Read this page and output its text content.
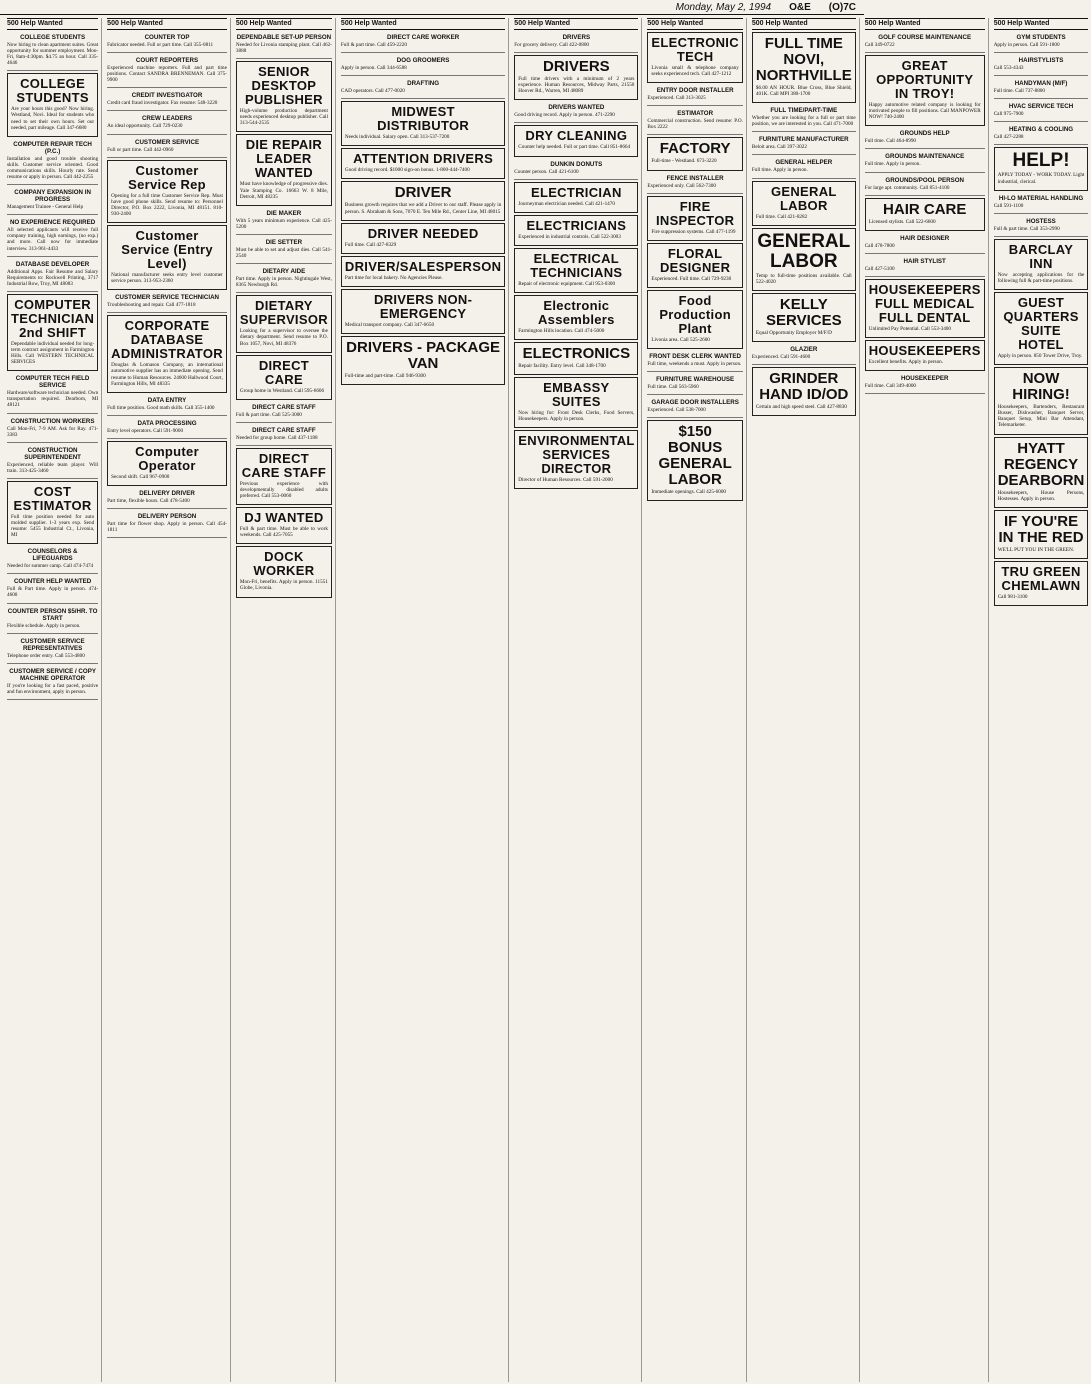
Monday, May 2, 1994 O&E (O)7C
500 Help Wanted
COLLEGE STUDENTS

Now hiring to clean apartment suites. Great opportunity for summer employment. Mon-Fri, 8am-4:30pm. $4.75 an hour. Call 335-4646

COLLEGE STUDENTS

Are your hours this good? Now hiring. Westland, Novi. Ideal for students who need to set their own hours. Set our needed, part mileage. Call 347-6680

COMPUTER REPAIR TECH (P.C.)

Installation and good trouble shooting skills. Customer service oriented. Good communications skills. Hourly rate. Send resume or apply in person. Call 442-2255

COMPANY EXPANSION IN PROGRESS

Management Trainee - General Help

NO EXPERIENCE REQUIRED

All selected applicants will receive full company training, high earnings, (no exp.) and more. Call now for immediate interview. 313-961-4433

DATABASE DEVELOPER

Additional Apps. Fair Resume and Salary Requirements to: Rockwell Printing, 3717 Industrial Row, Troy, MI 48083

COMPUTER TECHNICIAN 2nd SHIFT

Dependable individual needed for long-term contract assignment in Farmington Hills. Call WESTERN TECHNICAL SERVICES

COMPUTER TECH FIELD SERVICE

Hardware/software technician needed. Own transportation required. Dearborn, MI 48121

CONSTRUCTION WORKERS

Call Mon-Fri, 7-9 AM. Ask for Ray. 471-3383

CONSTRUCTION SUPERINTENDENT

Experienced, reliable team player. Will train. 313-425-3460

COST ESTIMATOR

Full time position needed for auto molded supplier. 1-3 years exp. Send resume: 5455 Industrial Ct., Livonia, MI

COUNSELORS & LIFEGUARDS

Needed for summer camp. Call 474-7474

COUNTER HELP WANTED

Full & Part time. Apply in person. 474-4600

COUNTER PERSON $5/HR. TO START

Flexible schedule. Apply in person.

CUSTOMER SERVICE REPRESENTATIVES

Telephone order entry. Call 553-4800

CUSTOMER SERVICE / COPY MACHINE OPERATOR

If you're looking for a fast paced, positive and fun environment, apply in person.

500 Help Wanted
COUNTER TOP

Fabricator needed. Full or part time. Call 355-0811

COURT REPORTERS

Experienced machine reporters. Full and part time positions. Contact SANDRA BRENNEMAN. Call 375-9900

CREDIT INVESTIGATOR

Credit card fraud investigator. Fax resume: 548-3220

CREW LEADERS

An ideal opportunity. Call 729-0230

CUSTOMER SERVICE

Full or part time. Call 442-0960

Customer Service Rep

Opening for a full time Customer Service Rep. Must have good phone skills. Send resume to: Personnel Director, P.O. Box 2222, Livonia, MI 48151. 810-930-2400

Customer Service (Entry Level)

National manufacturer seeks entry level customer service person. 313-953-2360

CUSTOMER SERVICE TECHNICIAN

Troubleshooting and repair. Call 477-1818

CORPORATE DATABASE ADMINISTRATOR

Douglas & Lomason Company, an international automotive supplier has an immediate opening. Send resume to Human Resources. 24600 Hallwood Court, Farmington Hills, MI 48335

DATA ENTRY

Full time position. Good math skills. Call 355-1400

DATA PROCESSING

Entry level operators. Call 591-9000

Computer Operator

Second shift. Call 967-0900

DELIVERY DRIVER

Part time, flexible hours. Call 478-5400

DELIVERY PERSON

Part time for flower shop. Apply in person. Call 454-1811

500 Help Wanted
DEPENDABLE SET-UP PERSON

Needed for Livonia stamping plant. Call 462-3888

SENIOR DESKTOP PUBLISHER

High-volume production department needs experienced desktop publisher. Call 313-544-2535

DIE REPAIR LEADER WANTED

Must have knowledge of progressive dies. Yale Stamping Co. 16663 W. 8 Mile, Detroit, MI 48235

DIE MAKER

With 5 years minimum experience. Call 425-5200

DIE SETTER

Must be able to set and adjust dies. Call 541-2540

DIETARY AIDE

Part time. Apply in person. Nightingale West, 8365 Newburgh Rd.

DIETARY SUPERVISOR

Looking for a supervisor to oversee the dietary department. Send resume to P.O. Box 1057, Novi, MI 48376

DIRECT CARE

Group home in Westland. Call 595-6606

DIRECT CARE STAFF

Full & part time. Call 525-3000

DIRECT CARE STAFF

Needed for group home. Call 437-1188

DIRECT CARE STAFF

Previous experience with developmentally disabled adults preferred. Call 553-0060

DJ WANTED

Full & part time. Must be able to work weekends. Call 425-7055

DOCK WORKER

Mon-Fri, benefits. Apply in person. 11551 Globe, Livonia.

500 Help Wanted
DIRECT CARE WORKER

Full & part time. Call 459-2220

DOG GROOMERS

Apply in person. Call 344-6588

DRAFTING

CAD operators. Call 477-0020

MIDWEST DISTRIBUTOR

Needs individual. Salary open. Call 313-537-7200

ATTENTION DRIVERS

Good driving record. $1000 sign-on bonus. 1-800-444-7400

DRIVER

Business growth requires that we add a Driver to our staff. Please apply in person. S. Abraham & Sons, 7070 E. Ten Mile Rd., Center Line, MI 48015

DRIVER NEEDED

Full time. Call 427-8329

DRIVER/SALESPERSON

Part time for local bakery. No Agencies Please.

DRIVERS NON-EMERGENCY

Medical transport company. Call 347-6650

DRIVERS - PACKAGE VAN

Full-time and part-time. Call 946-9300

500 Help Wanted
DRIVERS

For grocery delivery. Call 422-0800

DRIVERS

Full time drivers with a minimum of 2 years experience. Human Resources, Midway Parts, 21550 Hoover Rd., Warren, MI 48089

DRIVERS WANTED

Good driving record. Apply in person. 471-2290

DRY CLEANING

Counter help needed. Full or part time. Call 851-8664

DUNKIN DONUTS

Counter person. Call 421-6100

ELECTRICIAN

Journeyman electrician needed. Call 421-1470

ELECTRICIANS

Experienced in industrial controls. Call 522-3003

ELECTRICAL TECHNICIANS

Repair of electronic equipment. Call 953-0300

Electronic Assemblers

Farmington Hills location. Call 474-5000

ELECTRONICS

Repair facility. Entry level. Call 348-1700

EMBASSY SUITES

Now hiring for: Front Desk Clerks, Food Servers, Housekeepers. Apply in person.

ENVIRONMENTAL SERVICES DIRECTOR

Director of Human Resources. Call 591-2000

500 Help Wanted
ELECTRONIC TECH

Livonia small & telephone company seeks experienced tech. Call 427-1212

ENTRY DOOR INSTALLER

Experienced. Call 313-3025

ESTIMATOR

Commercial construction. Send resume: P.O. Box 2222

FACTORY

Full-time - Westland. 673-3220

FENCE INSTALLER

Experienced only. Call 562-7300

FIRE INSPECTOR

Fire suppression systems. Call 477-1199

FLORAL DESIGNER

Experienced. Full time. Call 729-9230

Food Production Plant

Livonia area. Call 525-2600

FRONT DESK CLERK WANTED

Full time, weekends a must. Apply in person.

FURNITURE WAREHOUSE

Full time. Call 563-5960

GARAGE DOOR INSTALLERS

Experienced. Call 538-7000

$150 BONUS GENERAL LABOR

Immediate openings. Call 425-6000

500 Help Wanted
FULL TIME NOVI, NORTHVILLE

$6.00 AN HOUR. Blue Cross, Blue Shield, 401K. Call MPI 380-1700

FULL TIME/PART-TIME

Whether you are looking for a full or part time position, we are interested in you. Call 471-7000

FURNITURE MANUFACTURER

Beloit area. Call 397-3022

GENERAL HELPER

Full time. Apply in person.

GENERAL LABOR

Full time. Call 421-8282

GENERAL LABOR

Temp to full-time positions available. Call 522-4020

KELLY SERVICES

Equal Opportunity Employer M/F/D

GLAZIER

Experienced. Call 591-4600

GRINDER HAND ID/OD

Certain and high speed steel. Call 427-8830

500 Help Wanted
GOLF COURSE MAINTENANCE

Call 349-0722

GREAT OPPORTUNITY IN TROY!

Happy automotive related company is looking for motivated people to fill positions. Call MANPOWER NOW! 740-2400

GROUNDS HELP

Full time. Call 464-8990

GROUNDS MAINTENANCE

Full time. Apply in person.

GROUNDS/POOL PERSON

For large apt. community. Call 851-4100

HAIR CARE

Licensed stylists. Call 522-6600

HAIR DESIGNER

Call 478-7800

HAIR STYLIST

Call 427-5100

HOUSEKEEPERS FULL MEDICAL FULL DENTAL

Unlimited Pay Potential. Call 553-3400

HOUSEKEEPERS

Excellent benefits. Apply in person.

HOUSEKEEPER

Full time. Call 349-4000

500 Help Wanted
GYM STUDENTS

Apply in person. Call 591-1800

HAIRSTYLISTS

Call 553-4343

HANDYMAN (M/F)

Full time. Call 737-8800

HVAC SERVICE TECH

Call 975-7900

HEATING & COOLING

Call 427-2288

HELP!

APPLY TODAY - WORK TODAY. Light industrial, clerical.

HI-LO MATERIAL HANDLING

Call 591-1100

HOSTESS

Full & part time. Call 353-2990

BARCLAY INN

Now accepting applications for the following full & part-time positions.

GUEST QUARTERS SUITE HOTEL

Apply in person. 850 Tower Drive, Troy.

NOW HIRING!

Housekeepers, Bartenders, Restaurant Busser, Dishwasher, Banquet Server, Banquet Setup, Mini Bar Attendant, Telemarketer.

HYATT REGENCY DEARBORN

Housekeepers, House Persons, Hostesses. Apply in person.

IF YOU'RE IN THE RED

WE'LL PUT YOU IN THE GREEN.

TRU GREEN CHEMLAWN

Call 981-3100
